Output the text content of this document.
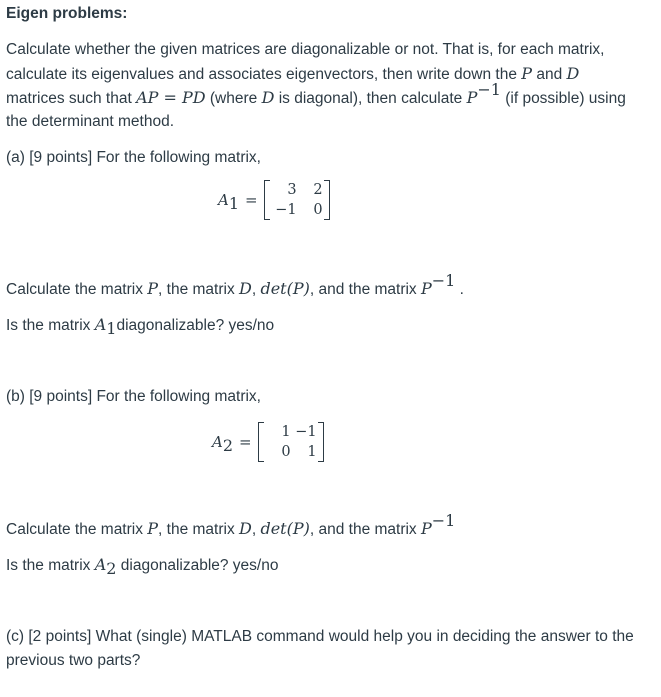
Eigen problems:

Calculate whether the given matrices are diagonalizable or not. That is, for each matrix,

calculate its eigenvalues and associates eigenvectors, then write down the P and D

matrices such that AP = PD (where D is diagonal), then calculate $P^{-1}$ (if possible) using

the determinant method.

(a) [9 points] For the following matrix,

$A_1$ =
3	2
−1	0

Calculate the matrix P, the matrix D, det(P), and the matrix $P^{-1}$ .

Is the matrix $A_1diagonalizable$? yes/no

(b) [9 points] For the following matrix,

$A_2$ =
1 −1
0	1

Calculate the matrix P, the matrix D, det(P), and the matrix $P^{-1}$

Is the matrix $A_2$ diagonalizable? yes/no

(c) [2 points] What (single) MATLAB command would help you in deciding the answer to the

previous two parts?
